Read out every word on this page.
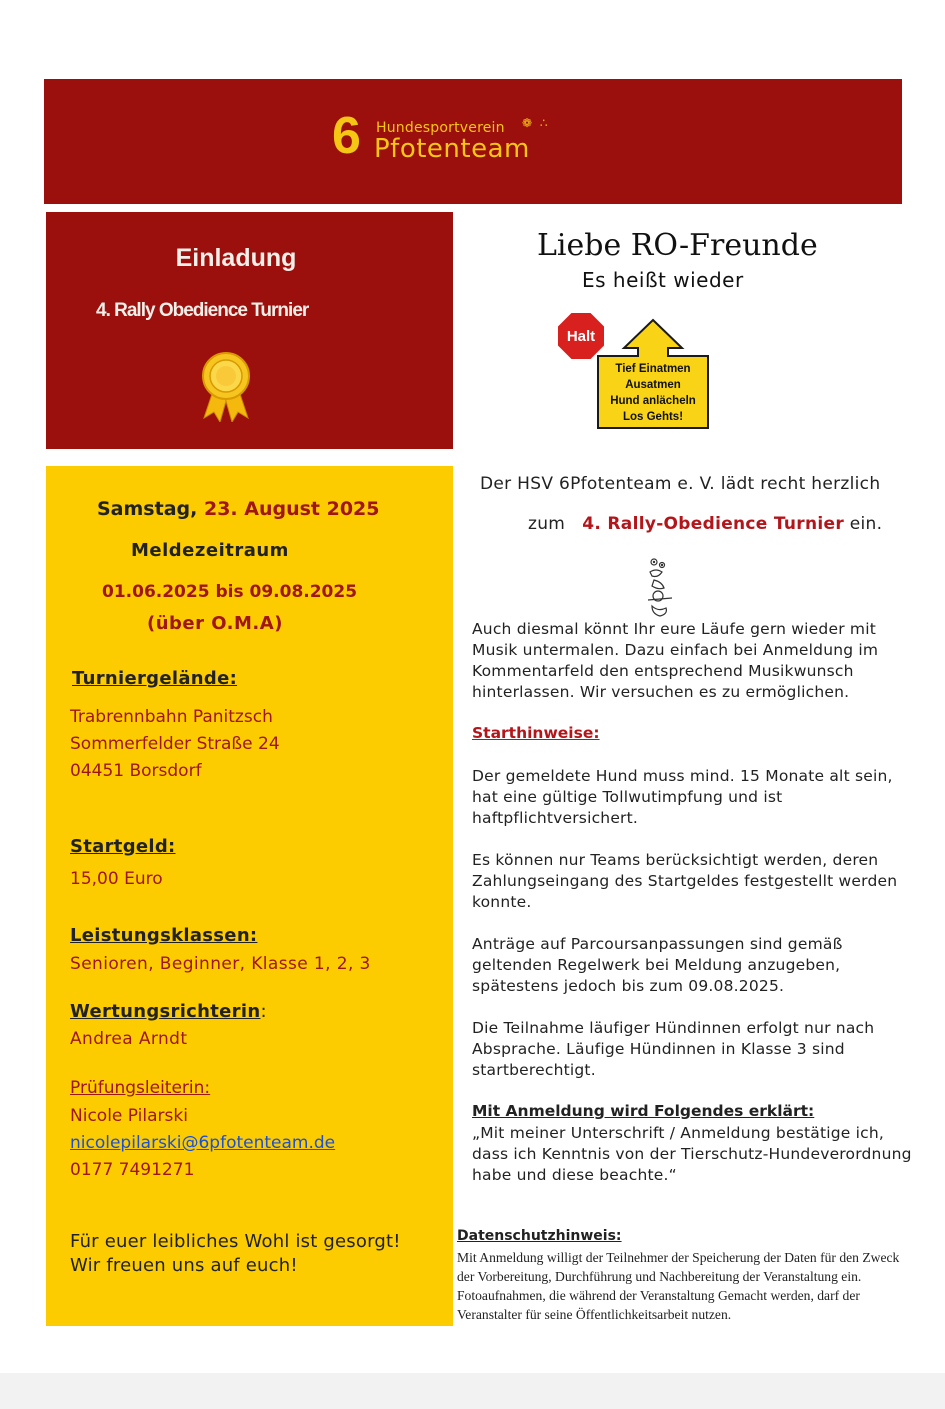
6 Hundesportverein
Pfotenteam
❁ ∴
Einladung
4. Rally Obedience Turnier
Liebe RO-Freunde
Es heißt wieder
Halt
Tief Einatmen
Ausatmen
Hund anlächeln
Los Gehts!
Samstag, 23. August 2025
Meldezeitraum
01.06.2025 bis 09.08.2025
(über O.M.A)
Turniergelände:
Trabrennbahn Panitzsch
Sommerfelder Straße 24
04451 Borsdorf
Startgeld:
15,00 Euro
Leistungsklassen:
Senioren, Beginner, Klasse 1, 2, 3
Wertungsrichterin:
Andrea Arndt
Prüfungsleiterin:
Nicole Pilarski
nicolepilarski@6pfotenteam.de
0177 7491271
Für euer leibliches Wohl ist gesorgt!
Wir freuen uns auf euch!
Der HSV 6Pfotenteam e. V. lädt recht herzlich
zum 4. Rally-Obedience Turnier ein.
Auch diesmal könnt Ihr eure Läufe gern wieder mit Musik untermalen. Dazu einfach bei Anmeldung im Kommentarfeld den entsprechend Musikwunsch hinterlassen. Wir versuchen es zu ermöglichen.
Starthinweise:
Der gemeldete Hund muss mind. 15 Monate alt sein, hat eine gültige Tollwutimpfung und ist haftpflichtversichert.
Es können nur Teams berücksichtigt werden, deren Zahlungseingang des Startgeldes festgestellt werden konnte.
Anträge auf Parcoursanpassungen sind gemäß geltenden Regelwerk bei Meldung anzugeben, spätestens jedoch bis zum 09.08.2025.
Die Teilnahme läufiger Hündinnen erfolgt nur nach Absprache. Läufige Hündinnen in Klasse 3 sind startberechtigt.
Mit Anmeldung wird Folgendes erklärt:
„Mit meiner Unterschrift / Anmeldung bestätige ich, dass ich Kenntnis von der Tierschutz-Hundeverordnung habe und diese beachte.“
Datenschutzhinweis:
Mit Anmeldung willigt der Teilnehmer der Speicherung der Daten für den Zweck der Vorbereitung, Durchführung und Nachbereitung der Veranstaltung ein. Fotoaufnahmen, die während der Veranstaltung Gemacht werden, darf der Veranstalter für seine Öffentlichkeitsarbeit nutzen.
